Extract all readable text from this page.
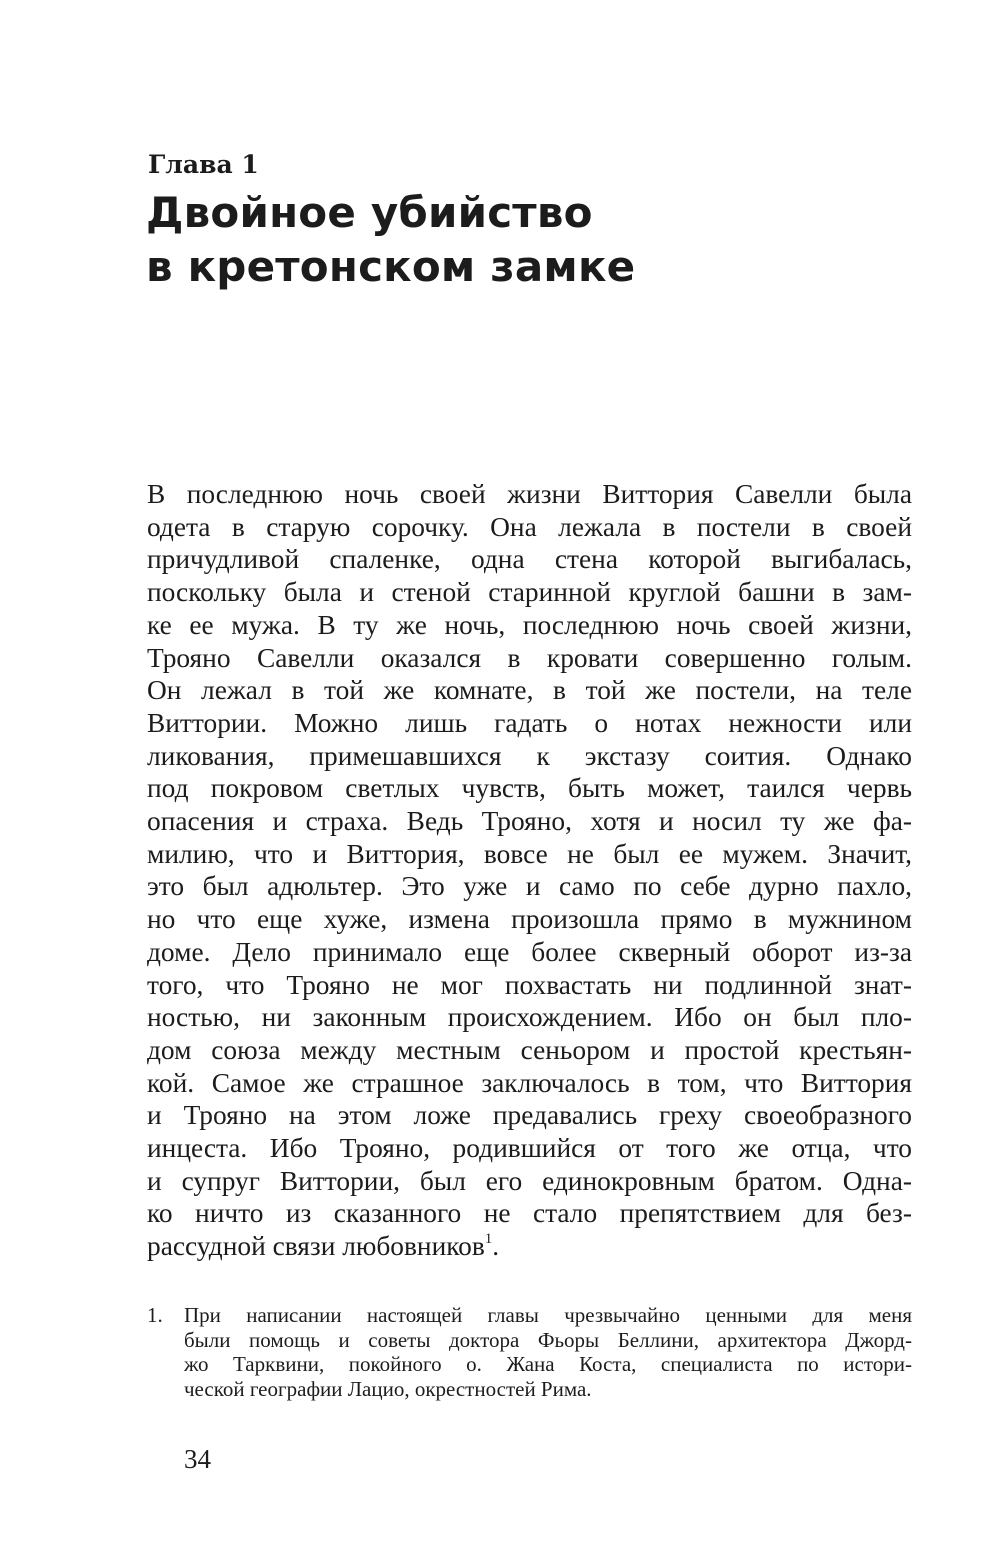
Глава 1
Двойное убийство
в кретонском замке
В последнюю ночь своей жизни Виттория Савелли была
одета в старую сорочку. Она лежала в постели в своей
причудливой спаленке, одна стена которой выгибалась,
поскольку была и стеной старинной круглой башни в зам-
ке ее мужа. В ту же ночь, последнюю ночь своей жизни,
Трояно Савелли оказался в кровати совершенно голым.
Он лежал в той же комнате, в той же постели, на теле
Виттории. Можно лишь гадать о нотах нежности или
ликования, примешавшихся к экстазу соития. Однако
под покровом светлых чувств, быть может, таился червь
опасения и страха. Ведь Трояно, хотя и носил ту же фа-
милию, что и Виттория, вовсе не был ее мужем. Значит,
это был адюльтер. Это уже и само по себе дурно пахло,
но что еще хуже, измена произошла прямо в мужнином
доме. Дело принимало еще более скверный оборот из-за
того, что Трояно не мог похвастать ни подлинной знат-
ностью, ни законным происхождением. Ибо он был пло-
дом союза между местным сеньором и простой крестьян-
кой. Самое же страшное заключалось в том, что Виттория
и Трояно на этом ложе предавались греху своеобразного
инцеста. Ибо Трояно, родившийся от того же отца, что
и супруг Виттории, был его единокровным братом. Одна-
ко ничто из сказанного не стало препятствием для без-
рассудной связи любовников$^1$.
1. При написании настоящей главы чрезвычайно ценными для меня
были помощь и советы доктора Фьоры Беллини, архитектора Джорд-
жо Тарквини, покойного о. Жана Коста, специалиста по истори-
ческой географии Лацио, окрестностей Рима.
34
